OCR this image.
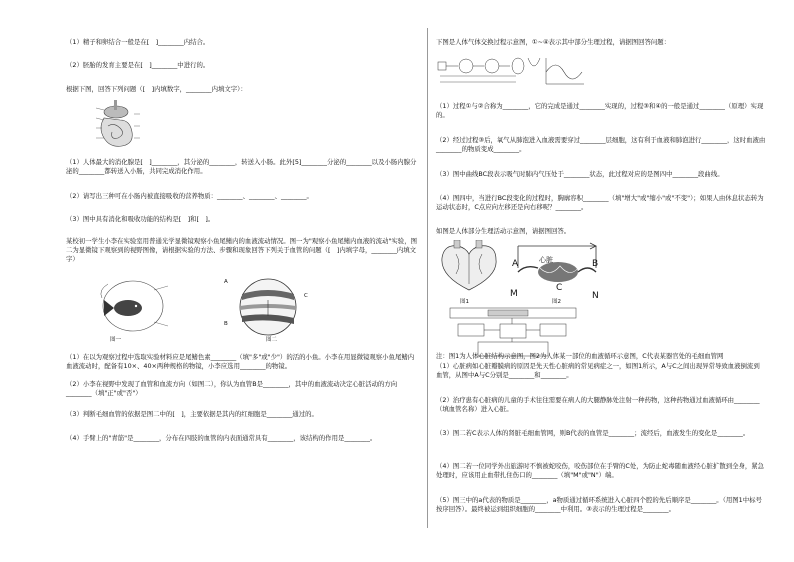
（1）精子和卵结合一般是在[　]________内结合。
（2）胚胎的发育主要是在[　]________中进行的。
根据下图，回答下列问题（[　]内填数字，________内填文字）：
（1）人体最大的消化腺是[　]________，其分泌的________，转送入小肠。此外[5]________分泌的________以及小肠内腺分泌的________都转送入小肠，共同完成消化作用。
（2）请写出三种可在小肠内被直接吸收的营养物质：________、________、________。
（3）图中具有消化和吸收功能的结构是[　]和[　]。
某校初一学生小李在实验室用普通光学显微镜观察小鱼尾鳍内的血液流动情况。图一为"观察小鱼尾鳍内血液的流动"实验，图二为显微镜下观察到的视野图像，请根据实验的方法、步骤和现象回答下列关于血管的问题（[　]内填字母，________内填文字）
图一
A
B
C
图二
（1）在以为观察过程中选取实验材料应是尾鳍色素________（填"多"或"少"）的活的小鱼。小李在用显微镜观察小鱼尾鳍内血液流动时，配备有10×、40×两种规格的物镜，小李应选用________的物镜。
（2）小李在视野中发现了血管和血流方向（如图二），你认为血管B是________，其中的血液流动决定心脏活动的方向________（填"正"或"否"）
（3）判断毛细血管的依据是图二中的[　]，主要依据是其内的红细胞是________通过的。
（4）手臂上的"青筋"是________，分布在四肢的血管的内表面通常具有________，该结构的作用是________。
下图是人体气体交换过程示意图，①~④表示其中部分生理过程，请据图回答问题：
（1）过程①与②合称为________，它的完成是通过________实现的，过程③和④的一般是通过________（原理）实现的。
（2）经过过程③后，氧气从肺泡进入血液需要穿过________层细胞，这有利于血液和肺泡进行________，这时血液由________的物质变成________。
（3）图中曲线BC段表示吸气时肺内气压处于________状态，此过程对应的是图四中________段曲线。
（4）图四中，当进行BC段变化的过程时，胸廓容积________（填"增大"或"缩小"或"不变"）；如果人由休息状态转为运动状态时，C点应向左移还是向右移呢？________。
如图是人体部分生理活动示意图，请据图回答。
图1
A	心脏	B
C
M	N
图2
注：图1为人体心脏结构示意图，图2为人体某一部位的血液循环示意图，C代表某器官处的毛细血管网
（1）心脏病如心脏瓣膜病的原因是先天性心脏病的常见病症之一，如图1所示，A与C之间出现异常导致血液倒流到血管，从图中A与C分别是________和________。
（2）治疗患有心脏病的儿童的手术往往需要在病人的大腿静脉处注射一种药物，这种药物通过血液循环由________（填血管名称）进入心脏。
（3）图二若C表示人体的肾脏毛细血管网，则B代表的血管是________；流经后，血液发生的变化是________。
（4）图二若一位同学外出旅游时不慎被蛇咬伤，咬伤部位在手臂的C处，为防止蛇毒随血液经心脏扩散到全身，紧急处理时，应该用止血带扎住伤口的________（填"M"或"N"）端。
（5）图三中的a代表的物质是________，a物质通过循环系统进入心脏四个腔的先后顺序是________。（用图1中标号按序回答）。最终被运到组织细胞的________中利用。③表示的生理过程是________。
